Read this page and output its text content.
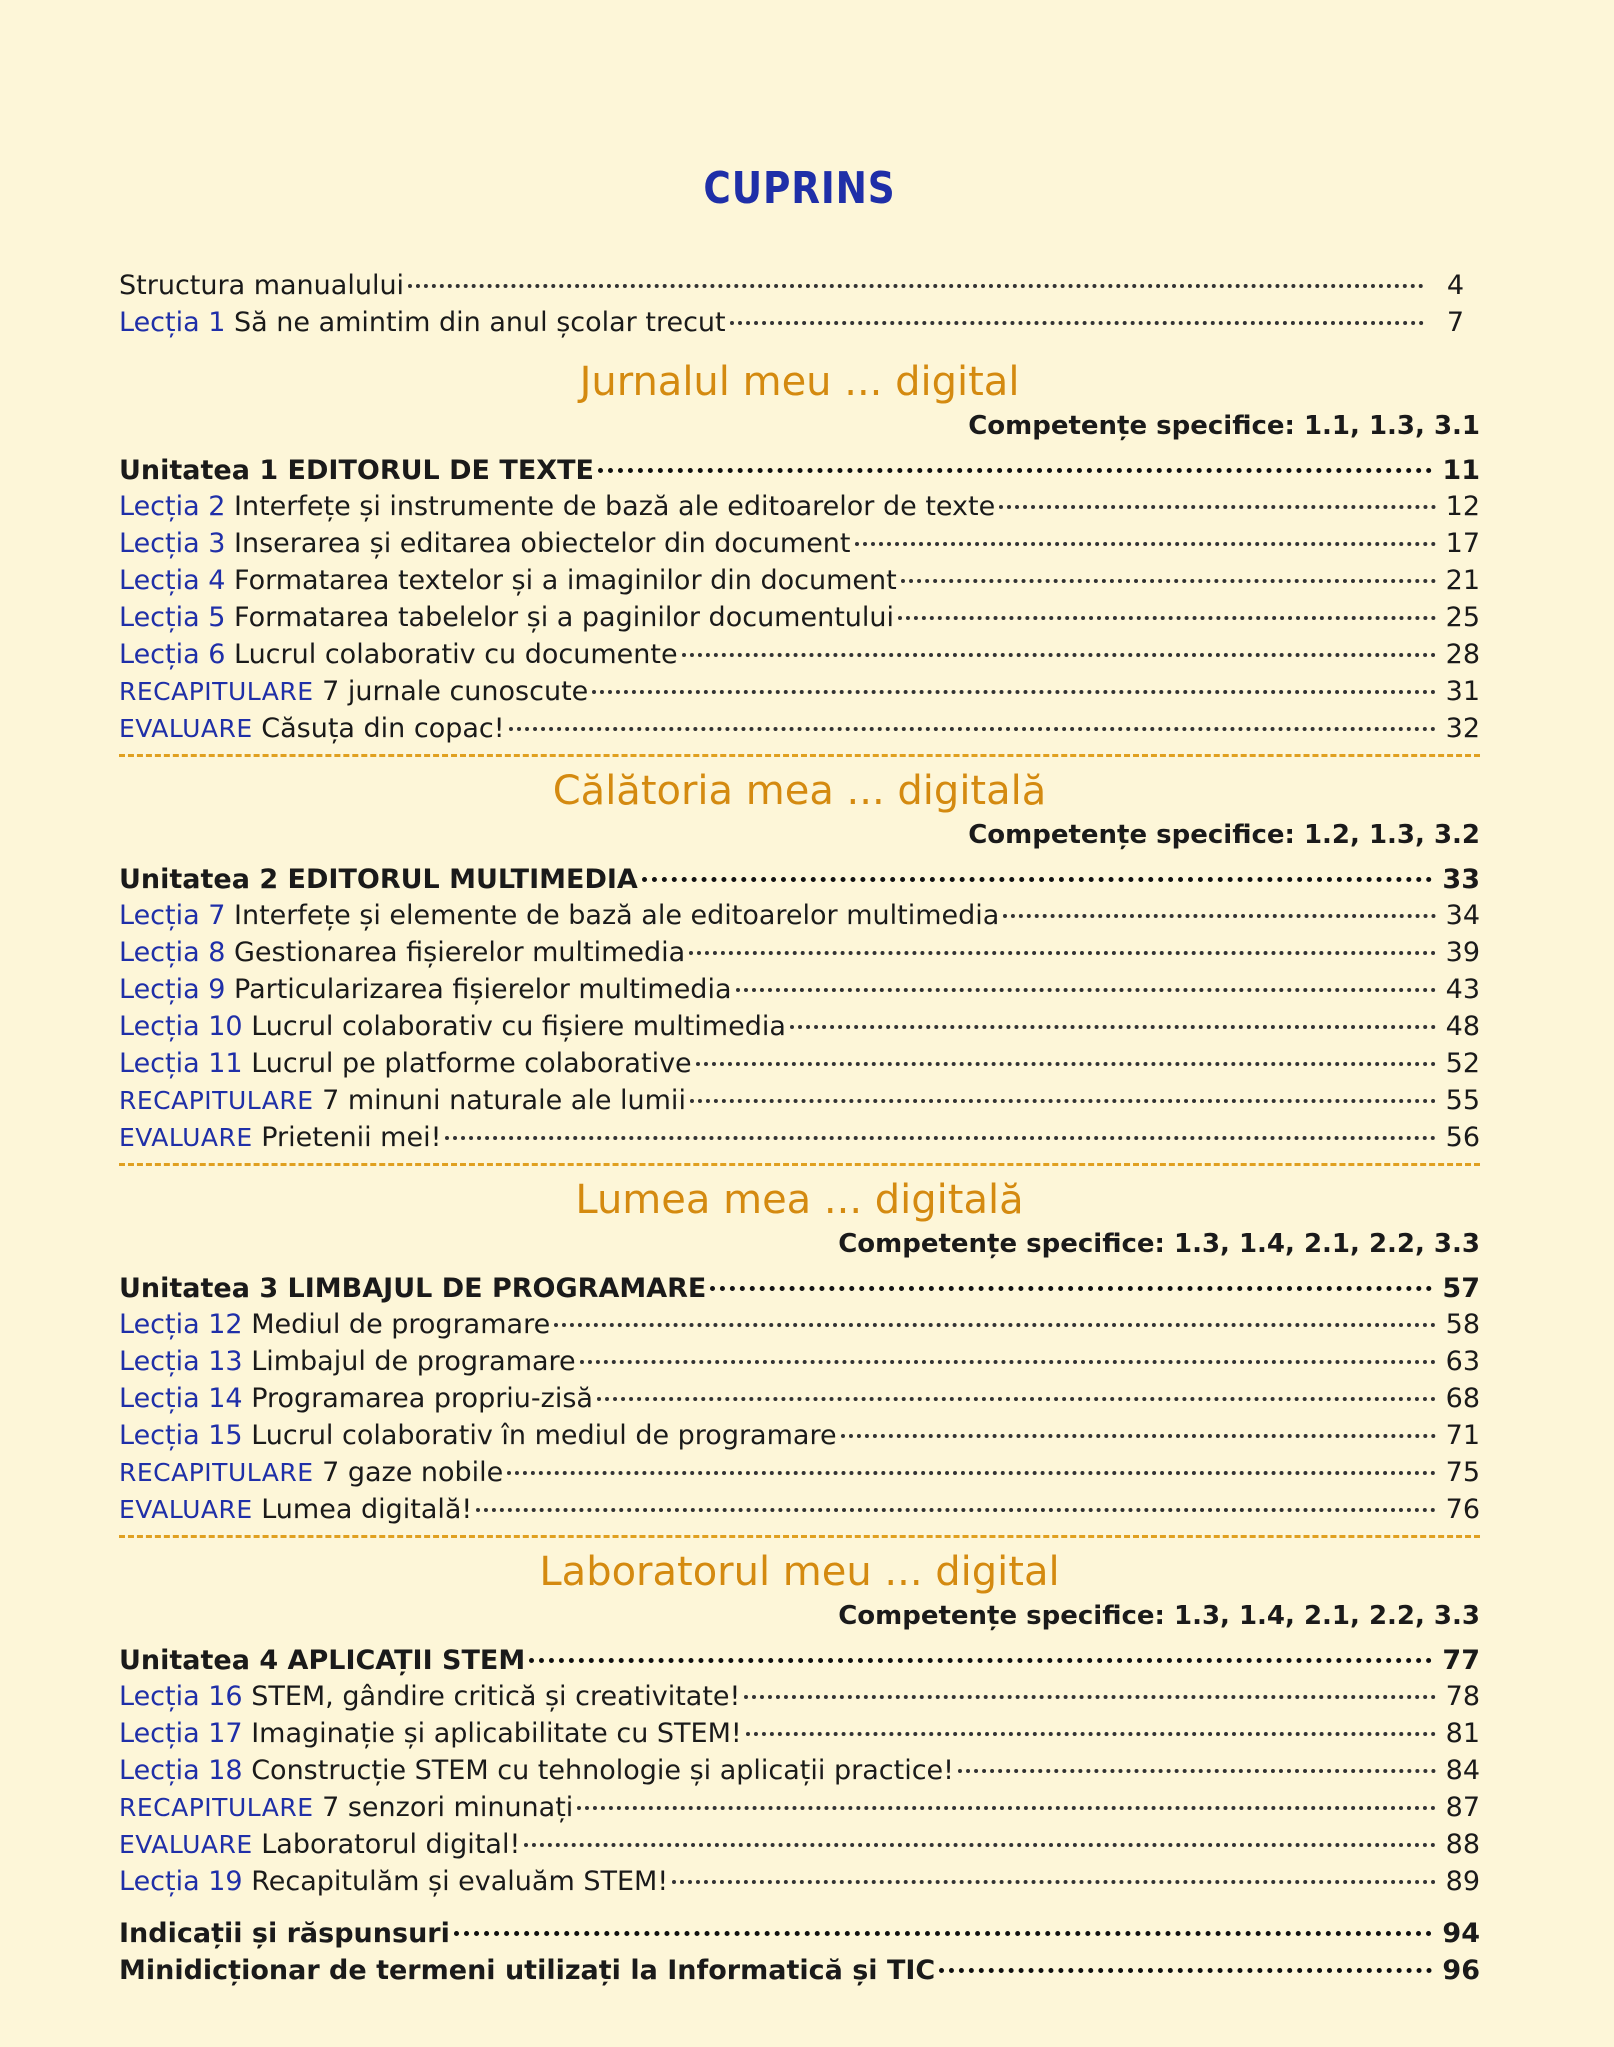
CUPRINS
Structura manualului	4
Lecția 1 Să ne amintim din anul școlar trecut	7
Jurnalul meu ... digital
Competențe specifice: 1.1, 1.3, 3.1
Unitatea 1 EDITORUL DE TEXTE	11
Lecția 2 Interfețe și instrumente de bază ale editoarelor de texte	12
Lecția 3 Inserarea și editarea obiectelor din document	17
Lecția 4 Formatarea textelor și a imaginilor din document	21
Lecția 5 Formatarea tabelelor și a paginilor documentului	25
Lecția 6 Lucrul colaborativ cu documente	28
RECAPITULARE 7 jurnale cunoscute	31
EVALUARE Căsuța din copac!	32
Călătoria mea ... digitală
Competențe specifice: 1.2, 1.3, 3.2
Unitatea 2 EDITORUL MULTIMEDIA	33
Lecția 7 Interfețe și elemente de bază ale editoarelor multimedia	34
Lecția 8 Gestionarea fișierelor multimedia	39
Lecția 9 Particularizarea fișierelor multimedia	43
Lecția 10 Lucrul colaborativ cu fișiere multimedia	48
Lecția 11 Lucrul pe platforme colaborative	52
RECAPITULARE 7 minuni naturale ale lumii	55
EVALUARE Prietenii mei!	56
Lumea mea ... digitală
Competențe specifice: 1.3, 1.4, 2.1, 2.2, 3.3
Unitatea 3 LIMBAJUL DE PROGRAMARE	57
Lecția 12 Mediul de programare	58
Lecția 13 Limbajul de programare	63
Lecția 14 Programarea propriu-zisă	68
Lecția 15 Lucrul colaborativ în mediul de programare	71
RECAPITULARE 7 gaze nobile	75
EVALUARE Lumea digitală!	76
Laboratorul meu ... digital
Competențe specifice: 1.3, 1.4, 2.1, 2.2, 3.3
Unitatea 4 APLICAȚII STEM	77
Lecția 16 STEM, gândire critică și creativitate!	78
Lecția 17 Imaginație și aplicabilitate cu STEM!	81
Lecția 18 Construcție STEM cu tehnologie și aplicații practice!	84
RECAPITULARE 7 senzori minunați	87
EVALUARE Laboratorul digital!	88
Lecția 19 Recapitulăm și evaluăm STEM!	89
Indicații și răspunsuri	94
Minidicționar de termeni utilizați la Informatică și TIC	96
